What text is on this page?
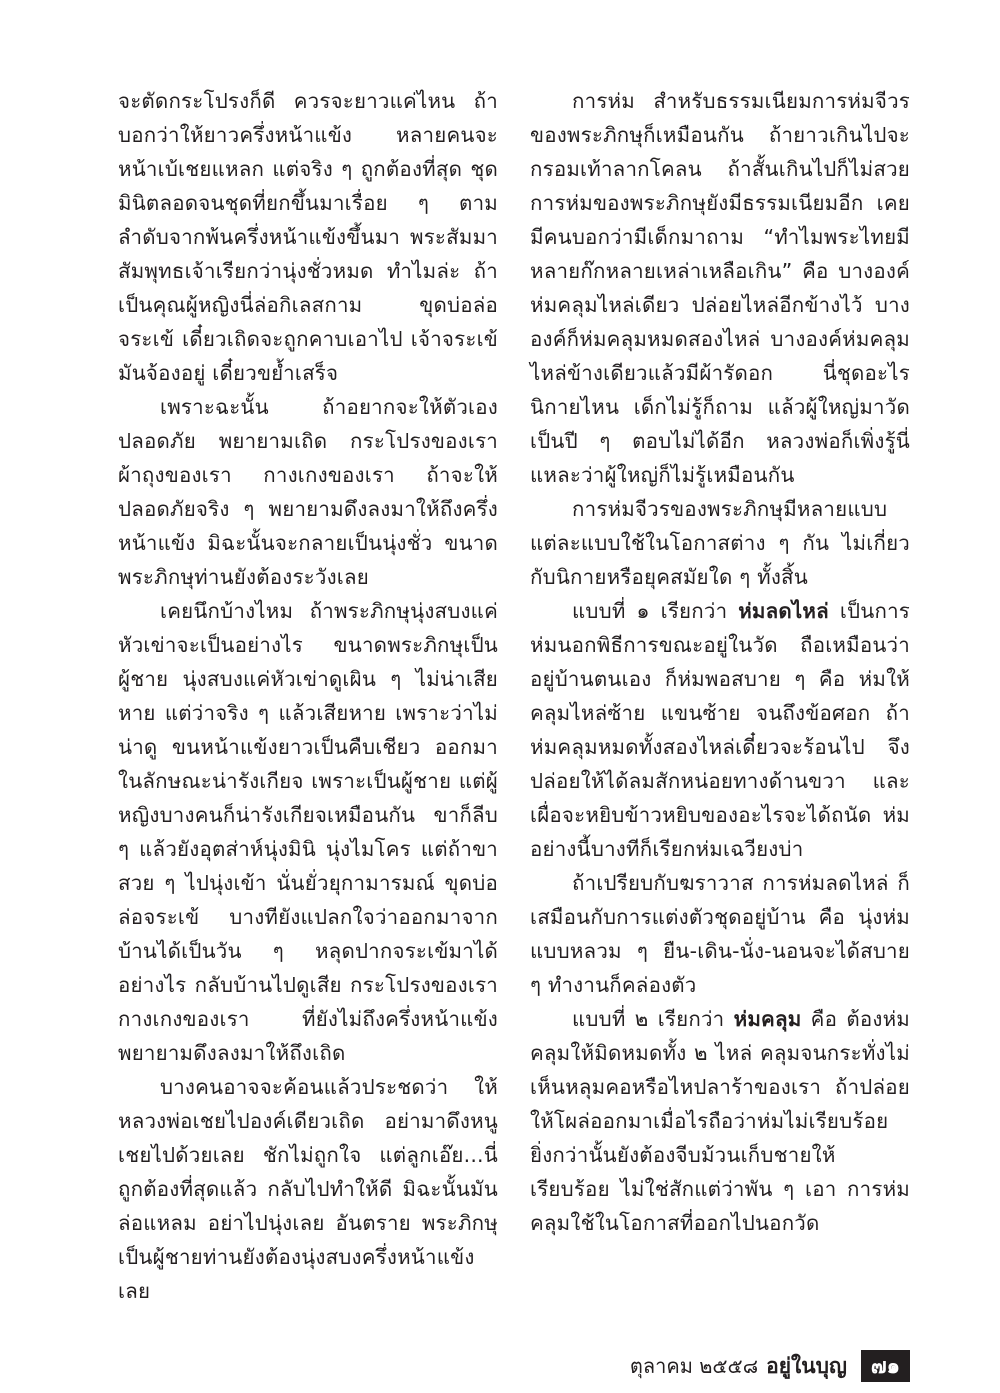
จะตัดกระโปรงก็ดี ควรจะยาวแค่ไหน ถ้าบอกว่าให้ยาวครึ่งหน้าแข้ง หลายคนจะหน้าเบ้เชยแหลก แต่จริง ๆ ถูกต้องที่สุด ชุดมินิตลอดจนชุดที่ยกขึ้นมาเรื่อย ๆ ตามลำดับจากพ้นครึ่งหน้าแข้งขึ้นมา พระสัมมาสัมพุทธเจ้าเรียกว่านุ่งชั่วหมด ทำไมล่ะ ถ้าเป็นคุณผู้หญิงนี่ล่อกิเลสกาม ขุดบ่อล่อจระเข้ เดี๋ยวเถิดจะถูกคาบเอาไป เจ้าจระเข้มันจ้องอยู่ เดี๋ยวขย้ำเสร็จ

เพราะฉะนั้น ถ้าอยากจะให้ตัวเองปลอดภัย พยายามเถิด กระโปรงของเรา ผ้าถุงของเรา กางเกงของเรา ถ้าจะให้ปลอดภัยจริง ๆ พยายามดึงลงมาให้ถึงครึ่งหน้าแข้ง มิฉะนั้นจะกลายเป็นนุ่งชั่ว ขนาดพระภิกษุท่านยังต้องระวังเลย

เคยนึกบ้างไหม ถ้าพระภิกษุนุ่งสบงแค่หัวเข่าจะเป็นอย่างไร ขนาดพระภิกษุเป็นผู้ชาย นุ่งสบงแค่หัวเข่าดูเผิน ๆ ไม่น่าเสียหาย แต่ว่าจริง ๆ แล้วเสียหาย เพราะว่าไม่น่าดู ขนหน้าแข้งยาวเป็นคืบเชียว ออกมาในลักษณะน่ารังเกียจ เพราะเป็นผู้ชาย แต่ผู้หญิงบางคนก็น่ารังเกียจเหมือนกัน ขาก็ลีบ ๆ แล้วยังอุตส่าห์นุ่งมินิ นุ่งไมโคร แต่ถ้าขาสวย ๆ ไปนุ่งเข้า นั่นยั่วยุกามารมณ์ ขุดบ่อล่อจระเข้ บางทียังแปลกใจว่าออกมาจากบ้านได้เป็นวัน ๆ หลุดปากจระเข้มาได้อย่างไร กลับบ้านไปดูเสีย กระโปรงของเรา กางเกงของเรา ที่ยังไม่ถึงครึ่งหน้าแข้ง พยายามดึงลงมาให้ถึงเถิด

บางคนอาจจะค้อนแล้วประชดว่า ให้หลวงพ่อเชยไปองค์เดียวเถิด อย่ามาดึงหนูเชยไปด้วยเลย ชักไม่ถูกใจ แต่ลูกเอ๊ย...นี่ถูกต้องที่สุดแล้ว กลับไปทำให้ดี มิฉะนั้นมันล่อแหลม อย่าไปนุ่งเลย อันตราย พระภิกษุเป็นผู้ชายท่านยังต้องนุ่งสบงครึ่งหน้าแข้งเลย

การห่ม สำหรับธรรมเนียมการห่มจีวรของพระภิกษุก็เหมือนกัน ถ้ายาวเกินไปจะกรอมเท้าลากโคลน ถ้าสั้นเกินไปก็ไม่สวย การห่มของพระภิกษุยังมีธรรมเนียมอีก เคยมีคนบอกว่ามีเด็กมาถาม “ทำไมพระไทยมีหลายก๊กหลายเหล่าเหลือเกิน” คือ บางองค์ห่มคลุมไหล่เดียว ปล่อยไหล่อีกข้างไว้ บางองค์ก็ห่มคลุมหมดสองไหล่ บางองค์ห่มคลุมไหล่ข้างเดียวแล้วมีผ้ารัดอก นี่ชุดอะไร นิกายไหน เด็กไม่รู้ก็ถาม แล้วผู้ใหญ่มาวัดเป็นปี ๆ ตอบไม่ได้อีก หลวงพ่อก็เพิ่งรู้นี่แหละว่าผู้ใหญ่ก็ไม่รู้เหมือนกัน

การห่มจีวรของพระภิกษุมีหลายแบบ แต่ละแบบใช้ในโอกาสต่าง ๆ กัน ไม่เกี่ยวกับนิกายหรือยุคสมัยใด ๆ ทั้งสิ้น

แบบที่ ๑ เรียกว่า ห่มลดไหล่ เป็นการห่มนอกพิธีการขณะอยู่ในวัด ถือเหมือนว่าอยู่บ้านตนเอง ก็ห่มพอสบาย ๆ คือ ห่มให้คลุมไหล่ซ้าย แขนซ้าย จนถึงข้อศอก ถ้าห่มคลุมหมดทั้งสองไหล่เดี๋ยวจะร้อนไป จึงปล่อยให้ได้ลมสักหน่อยทางด้านขวา และเผื่อจะหยิบข้าวหยิบของอะไรจะได้ถนัด ห่มอย่างนี้บางทีก็เรียกห่มเฉวียงบ่า

ถ้าเปรียบกับฆราวาส การห่มลดไหล่ ก็เสมือนกับการแต่งตัวชุดอยู่บ้าน คือ นุ่งห่มแบบหลวม ๆ ยืน-เดิน-นั่ง-นอนจะได้สบาย ๆ ทำงานก็คล่องตัว

แบบที่ ๒ เรียกว่า ห่มคลุม คือ ต้องห่มคลุมให้มิดหมดทั้ง ๒ ไหล่ คลุมจนกระทั่งไม่เห็นหลุมคอหรือไหปลาร้าของเรา ถ้าปล่อยให้โผล่ออกมาเมื่อไรถือว่าห่มไม่เรียบร้อย ยิ่งกว่านั้นยังต้องจีบม้วนเก็บชายให้เรียบร้อย ไม่ใช่สักแต่ว่าพัน ๆ เอา การห่มคลุมใช้ในโอกาสที่ออกไปนอกวัด

ตุลาคม ๒๕๕๘ อยู่ในบุญ	๗๑
